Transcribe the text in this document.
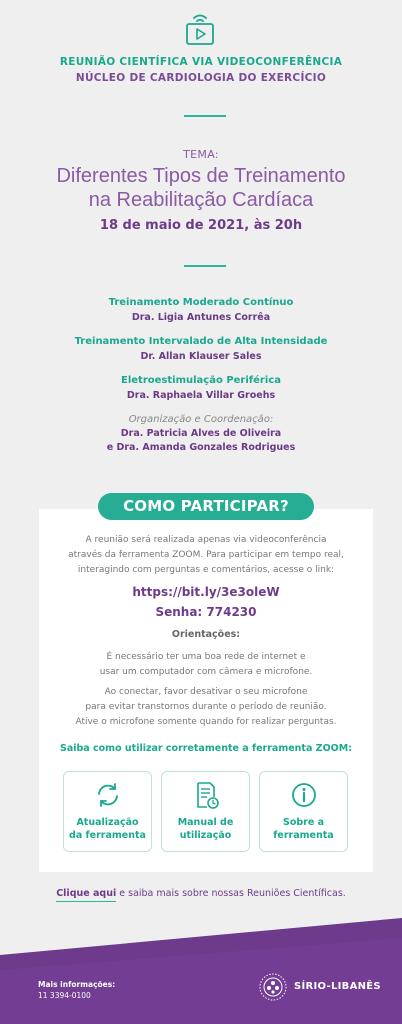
REUNIÃO CIENTÍFICA VIA VIDEOCONFERÊNCIA
NÚCLEO DE CARDIOLOGIA DO EXERCÍCIO
TEMA:
Diferentes Tipos de Treinamento
na Reabilitação Cardíaca
18 de maio de 2021, às 20h
Treinamento Moderado Contínuo
Dra. Ligia Antunes Corrêa
Treinamento Intervalado de Alta Intensidade
Dr. Allan Klauser Sales
Eletroestimulação Periférica
Dra. Raphaela Villar Groehs
Organização e Coordenação:
Dra. Patricia Alves de Oliveira
e Dra. Amanda Gonzales Rodrigues
A reunião será realizada apenas via videoconferência
através da ferramenta ZOOM. Para participar em tempo real,
interagindo com perguntas e comentários, acesse o link:
https://bit.ly/3e3oleW
Senha: 774230
Orientações:
É necessário ter uma boa rede de internet e
usar um computador com câmera e microfone.
Ao conectar, favor desativar o seu microfone
para evitar transtornos durante o período de reunião.
Ative o microfone somente quando for realizar perguntas.
Saiba como utilizar corretamente a ferramenta ZOOM:
Atualização
da ferramenta
Manual de
utilização
Sobre a
ferramenta
COMO PARTICIPAR?
Clique aqui e saiba mais sobre nossas Reuniões Científicas.
Mais informações:
11 3394-0100
SÍRIO-LIBANÊS
